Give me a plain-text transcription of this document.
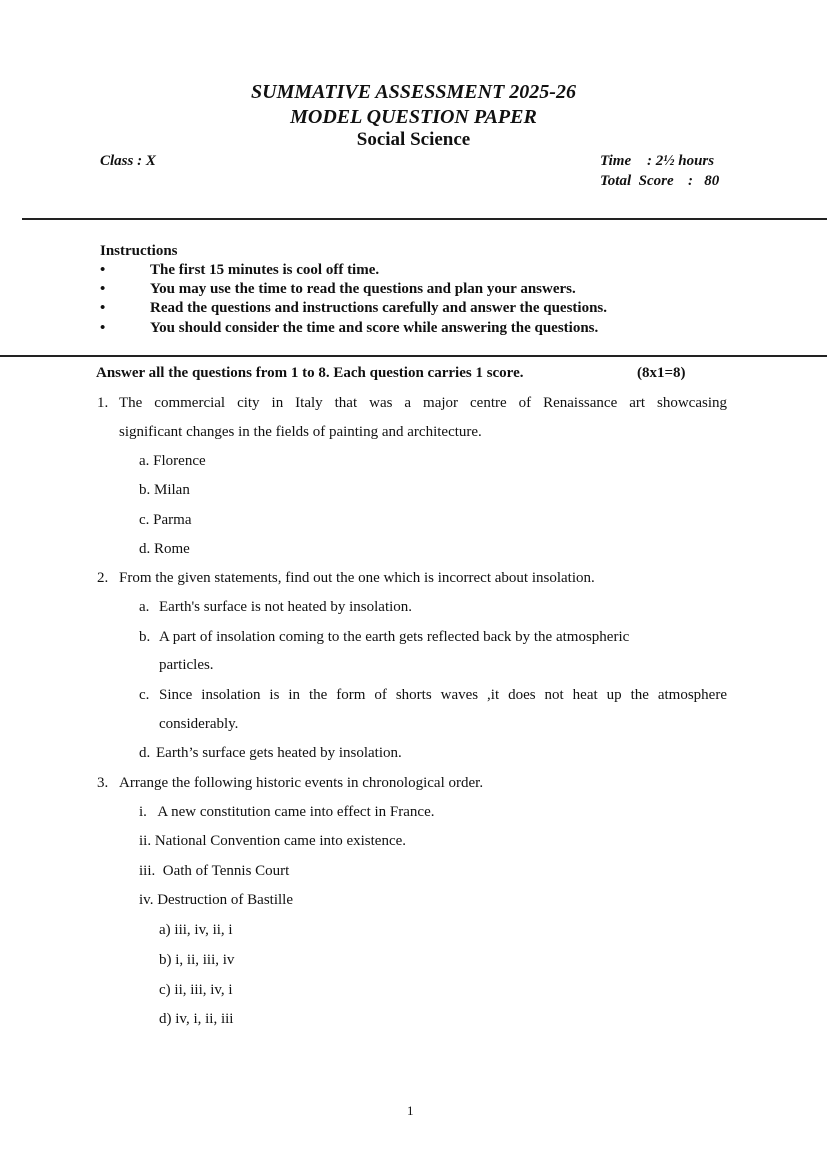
SUMMATIVE ASSESSMENT 2025-26
MODEL QUESTION PAPER
Social Science
Class : X	Time : 2½ hours
Total  Score :   80
Instructions
•	The first 15 minutes is cool off time.
•	You may use the time to read the questions and plan your answers.
•	Read the questions and instructions carefully and answer the questions.
•	You should consider the time and score while answering the questions.
Answer all the questions from 1 to 8. Each question carries 1 score.	(8x1=8)
1. The commercial city in Italy that was a major centre of Renaissance art showcasing
significant changes in the fields of painting and architecture.
a. Florence
b. Milan
c. Parma
d. Rome
2. From the given statements, find out the one which is incorrect about insolation.
a. Earth's surface is not heated by insolation.
b. A part of insolation coming to the earth gets reflected back by the atmospheric
particles.
c. Since insolation is in the form of shorts waves ,it does not heat up the atmosphere
considerably.
d. Earth’s surface gets heated by insolation.
3. Arrange the following historic events in chronological order.
i.   A new constitution came into effect in France.
ii. National Convention came into existence.
iii.  Oath of Tennis Court
iv. Destruction of Bastille
a) iii, iv, ii, i
b) i, ii, iii, iv
c) ii, iii, iv, i
d) iv, i, ii, iii
1
